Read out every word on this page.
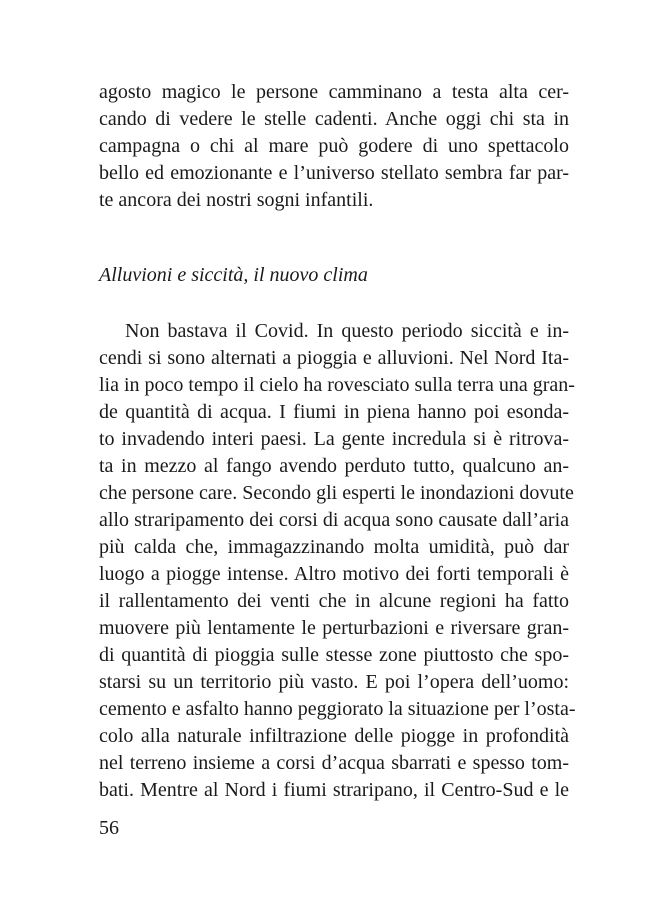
agosto magico le persone camminano a testa alta cer-
cando di vedere le stelle cadenti. Anche oggi chi sta in
campagna o chi al mare può godere di uno spettacolo
bello ed emozionante e l’universo stellato sembra far par-
te ancora dei nostri sogni infantili.
Alluvioni e siccità, il nuovo clima
Non bastava il Covid. In questo periodo siccità e in-
cendi si sono alternati a pioggia e alluvioni. Nel Nord Ita-
lia in poco tempo il cielo ha rovesciato sulla terra una gran-
de quantità di acqua. I fiumi in piena hanno poi esonda-
to invadendo interi paesi. La gente incredula si è ritrova-
ta in mezzo al fango avendo perduto tutto, qualcuno an-
che persone care. Secondo gli esperti le inondazioni dovute
allo straripamento dei corsi di acqua sono causate dall’aria
più calda che, immagazzinando molta umidità, può dar
luogo a piogge intense. Altro motivo dei forti temporali è
il rallentamento dei venti che in alcune regioni ha fatto
muovere più lentamente le perturbazioni e riversare gran-
di quantità di pioggia sulle stesse zone piuttosto che spo-
starsi su un territorio più vasto. E poi l’opera dell’uomo:
cemento e asfalto hanno peggiorato la situazione per l’osta-
colo alla naturale infiltrazione delle piogge in profondità
nel terreno insieme a corsi d’acqua sbarrati e spesso tom-
bati. Mentre al Nord i fiumi straripano, il Centro-Sud e le
56
